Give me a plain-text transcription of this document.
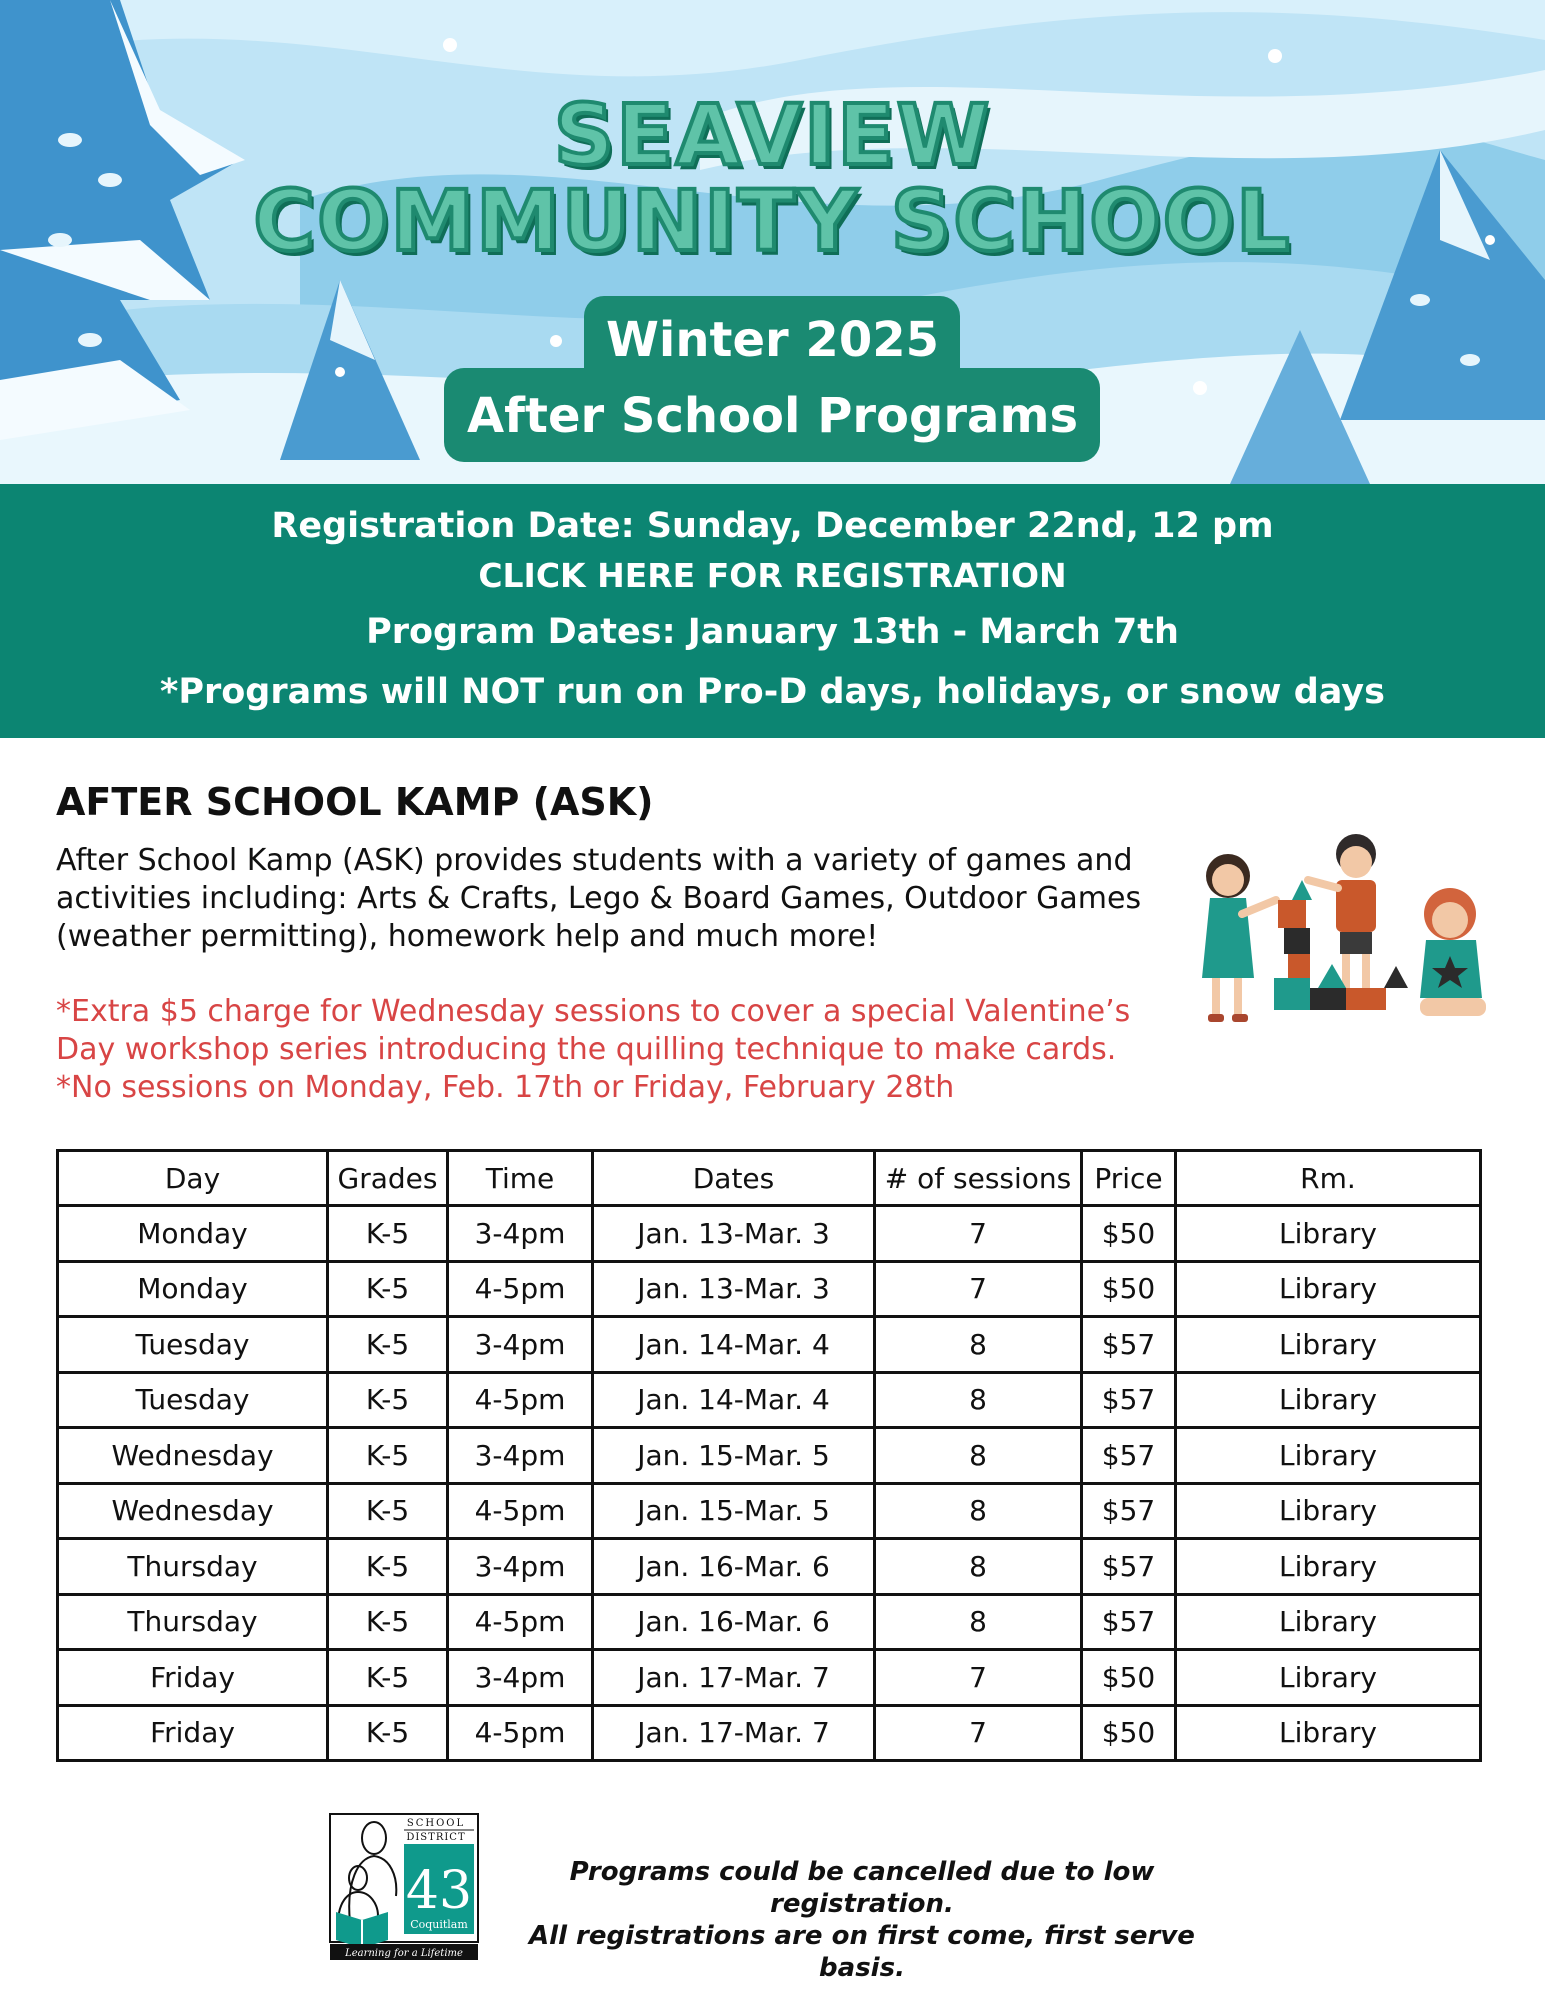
SEAVIEW
COMMUNITY SCHOOL
Winter 2025
After School Programs
Registration Date: Sunday, December 22nd, 12 pm
CLICK HERE FOR REGISTRATION
Program Dates: January 13th - March 7th
*Programs will NOT run on Pro-D days, holidays, or snow days
AFTER SCHOOL KAMP (ASK)

After School Kamp (ASK) provides students with a variety of games and activities including: Arts & Crafts, Lego & Board Games, Outdoor Games (weather permitting), homework help and much more!

*Extra $5 charge for Wednesday sessions to cover a special Valentine’s
Day workshop series introducing the quilling technique to make cards.
*No sessions on Monday, Feb. 17th or Friday, February 28th
Day	Grades	Time	Dates	# of sessions	Price	Rm.
Monday	K-5	3-4pm	Jan. 13-Mar. 3	7	$50	Library
Monday	K-5	4-5pm	Jan. 13-Mar. 3	7	$50	Library
Tuesday	K-5	3-4pm	Jan. 14-Mar. 4	8	$57	Library
Tuesday	K-5	4-5pm	Jan. 14-Mar. 4	8	$57	Library
Wednesday	K-5	3-4pm	Jan. 15-Mar. 5	8	$57	Library
Wednesday	K-5	4-5pm	Jan. 15-Mar. 5	8	$57	Library
Thursday	K-5	3-4pm	Jan. 16-Mar. 6	8	$57	Library
Thursday	K-5	4-5pm	Jan. 16-Mar. 6	8	$57	Library
Friday	K-5	3-4pm	Jan. 17-Mar. 7	7	$50	Library
Friday	K-5	4-5pm	Jan. 17-Mar. 7	7	$50	Library
SCHOOL
DISTRICT
43
Coquitlam
Learning for a Lifetime
Programs could be cancelled due to low registration.
All registrations are on first come, first serve basis.
